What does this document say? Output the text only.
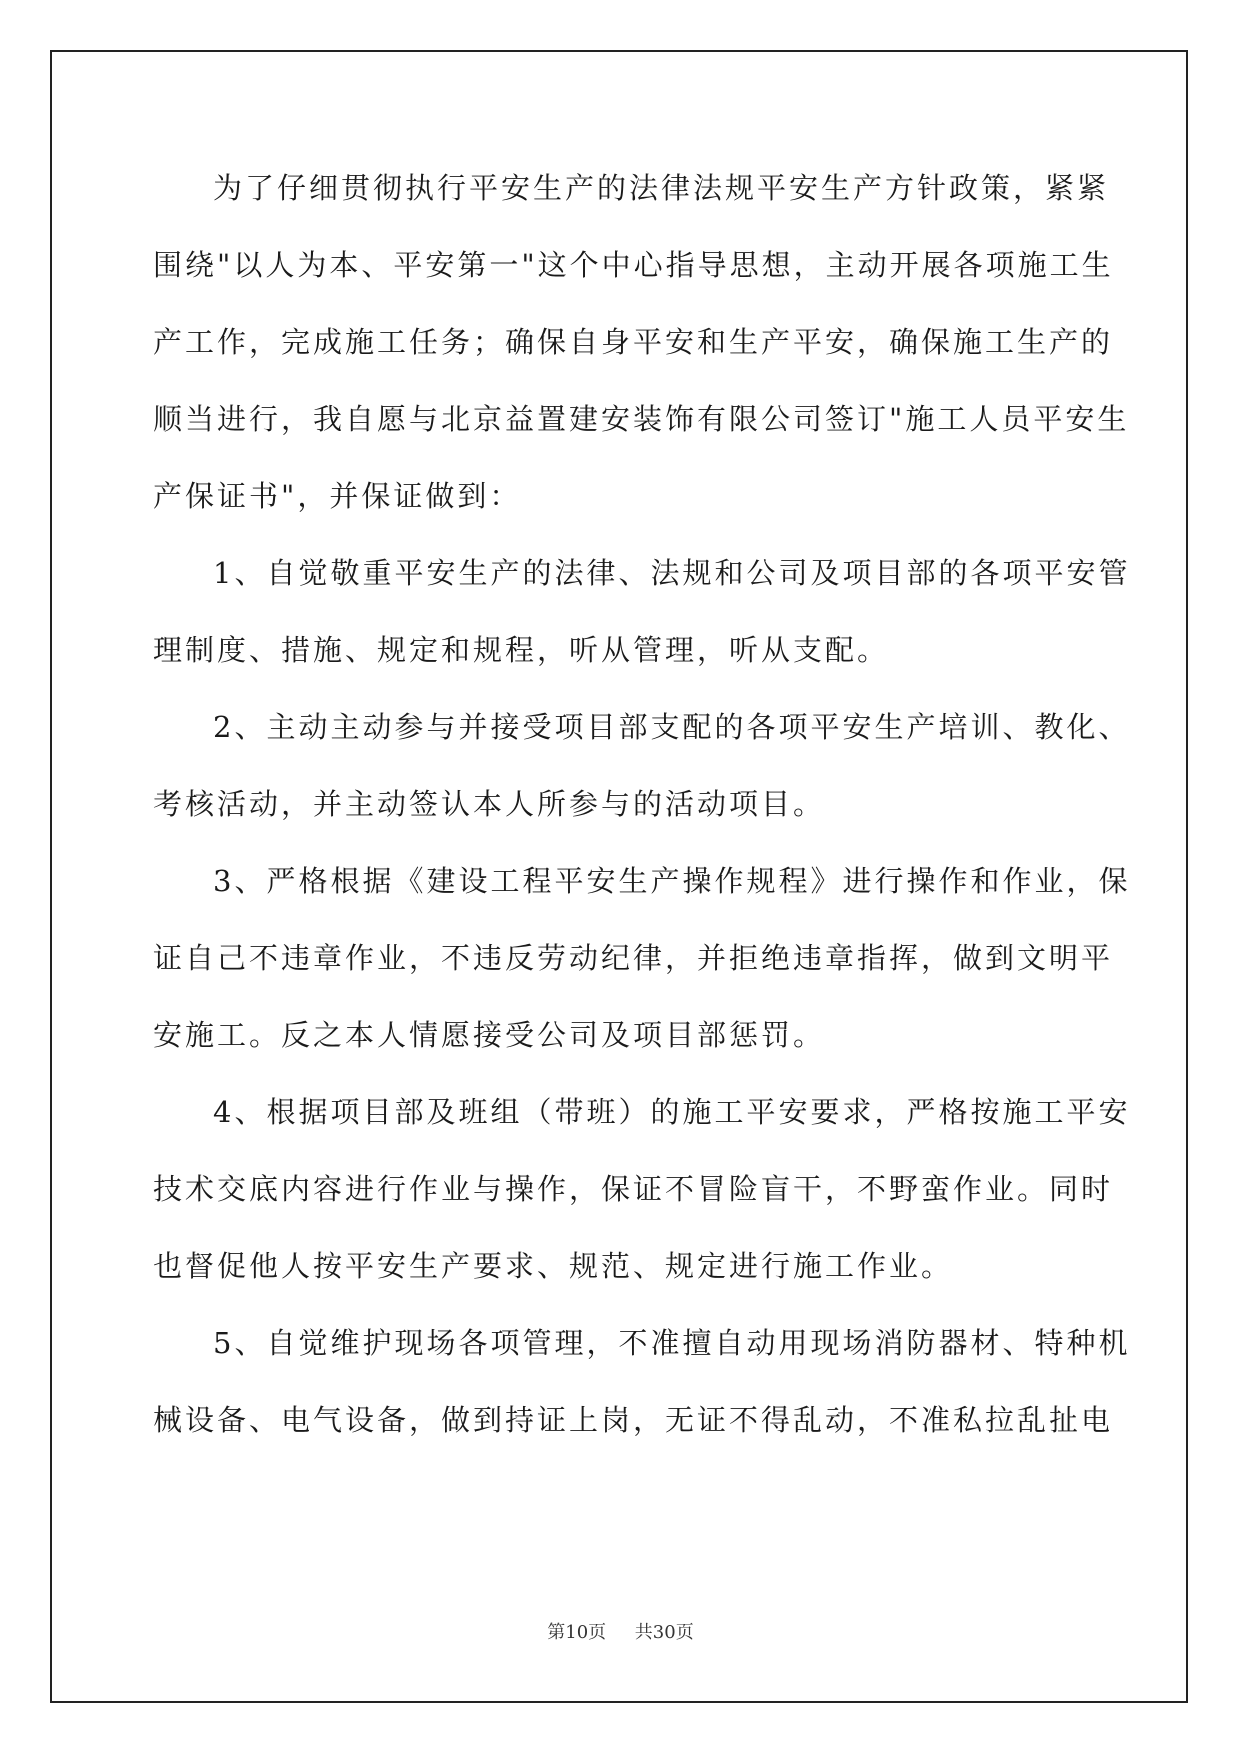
为了仔细贯彻执行平安生产的法律法规平安生产方针政策，紧紧
围绕"以人为本、平安第一"这个中心指导思想，主动开展各项施工生
产工作，完成施工任务；确保自身平安和生产平安，确保施工生产的
顺当进行，我自愿与北京益置建安装饰有限公司签订"施工人员平安生
产保证书"，并保证做到：
1、自觉敬重平安生产的法律、法规和公司及项目部的各项平安管
理制度、措施、规定和规程，听从管理，听从支配。
2、主动主动参与并接受项目部支配的各项平安生产培训、教化、
考核活动，并主动签认本人所参与的活动项目。
3、严格根据《建设工程平安生产操作规程》进行操作和作业，保
证自己不违章作业，不违反劳动纪律，并拒绝违章指挥，做到文明平
安施工。反之本人情愿接受公司及项目部惩罚。
4、根据项目部及班组（带班）的施工平安要求，严格按施工平安
技术交底内容进行作业与操作，保证不冒险盲干，不野蛮作业。同时
也督促他人按平安生产要求、规范、规定进行施工作业。
5、自觉维护现场各项管理，不准擅自动用现场消防器材、特种机
械设备、电气设备，做到持证上岗，无证不得乱动，不准私拉乱扯电
第10页 共30页
